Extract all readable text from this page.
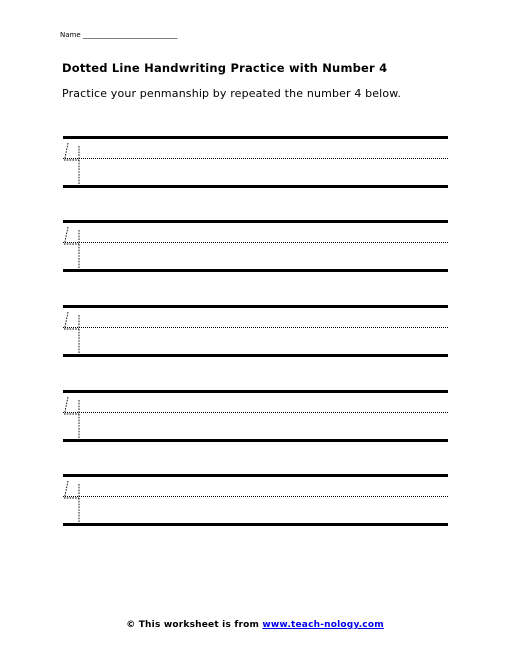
Name ___________________________
Dotted Line Handwriting Practice with Number 4
Practice your penmanship by repeated the number 4 below.
© This worksheet is from www.teach-nology.com
